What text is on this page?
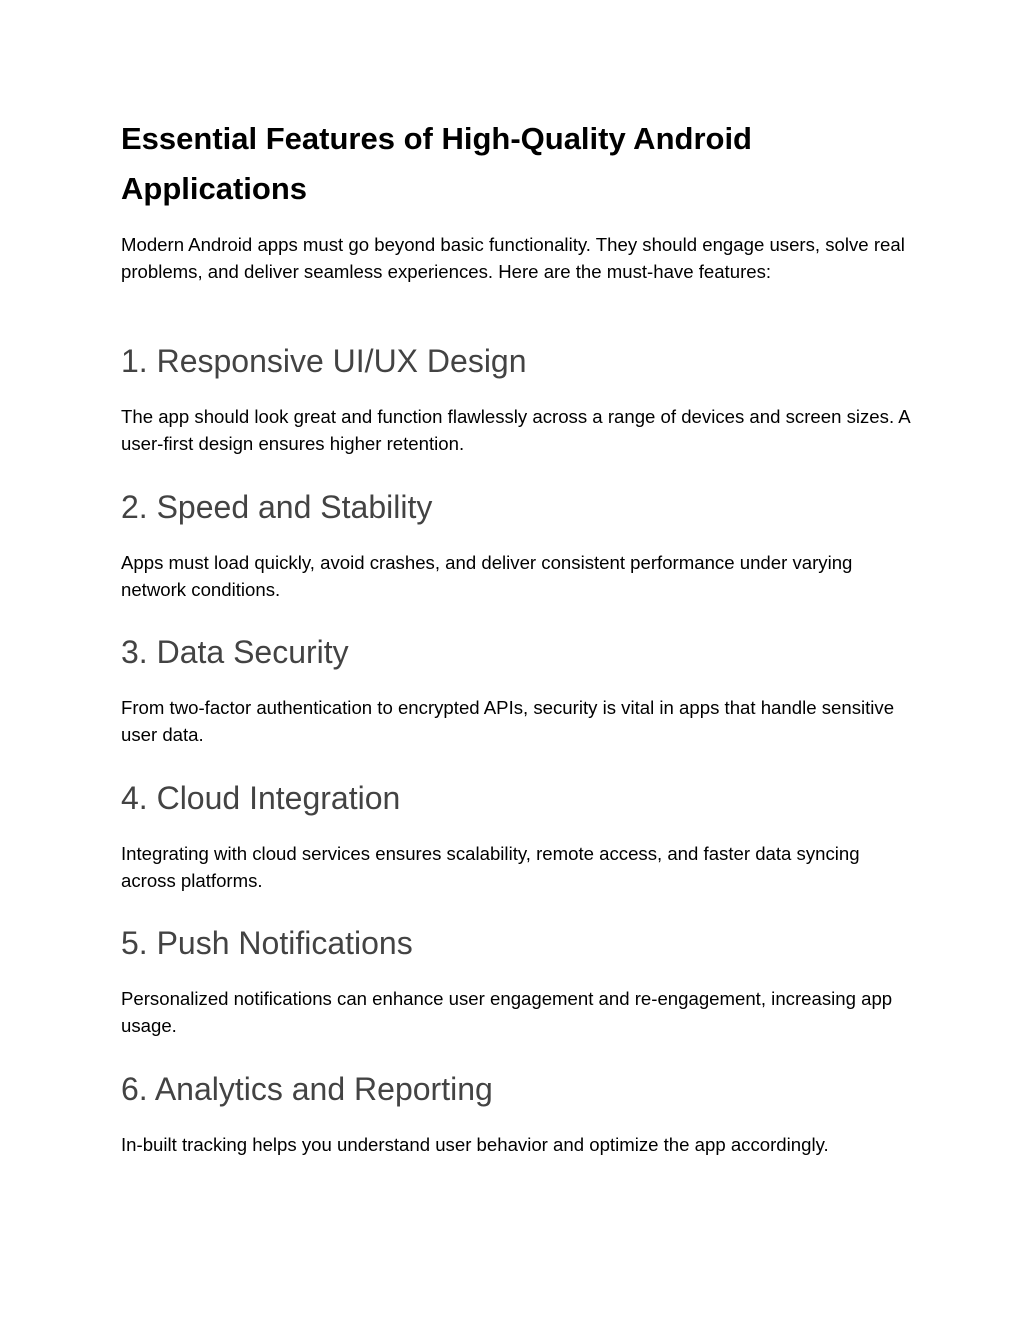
Essential Features of High-Quality Android Applications

Modern Android apps must go beyond basic functionality. They should engage users, solve real problems, and deliver seamless experiences. Here are the must-have features:

1. Responsive UI/UX Design

The app should look great and function flawlessly across a range of devices and screen sizes. A user-first design ensures higher retention.

2. Speed and Stability

Apps must load quickly, avoid crashes, and deliver consistent performance under varying network conditions.

3. Data Security

From two-factor authentication to encrypted APIs, security is vital in apps that handle sensitive user data.

4. Cloud Integration

Integrating with cloud services ensures scalability, remote access, and faster data syncing across platforms.

5. Push Notifications

Personalized notifications can enhance user engagement and re-engagement, increasing app usage.

6. Analytics and Reporting

In-built tracking helps you understand user behavior and optimize the app accordingly.
